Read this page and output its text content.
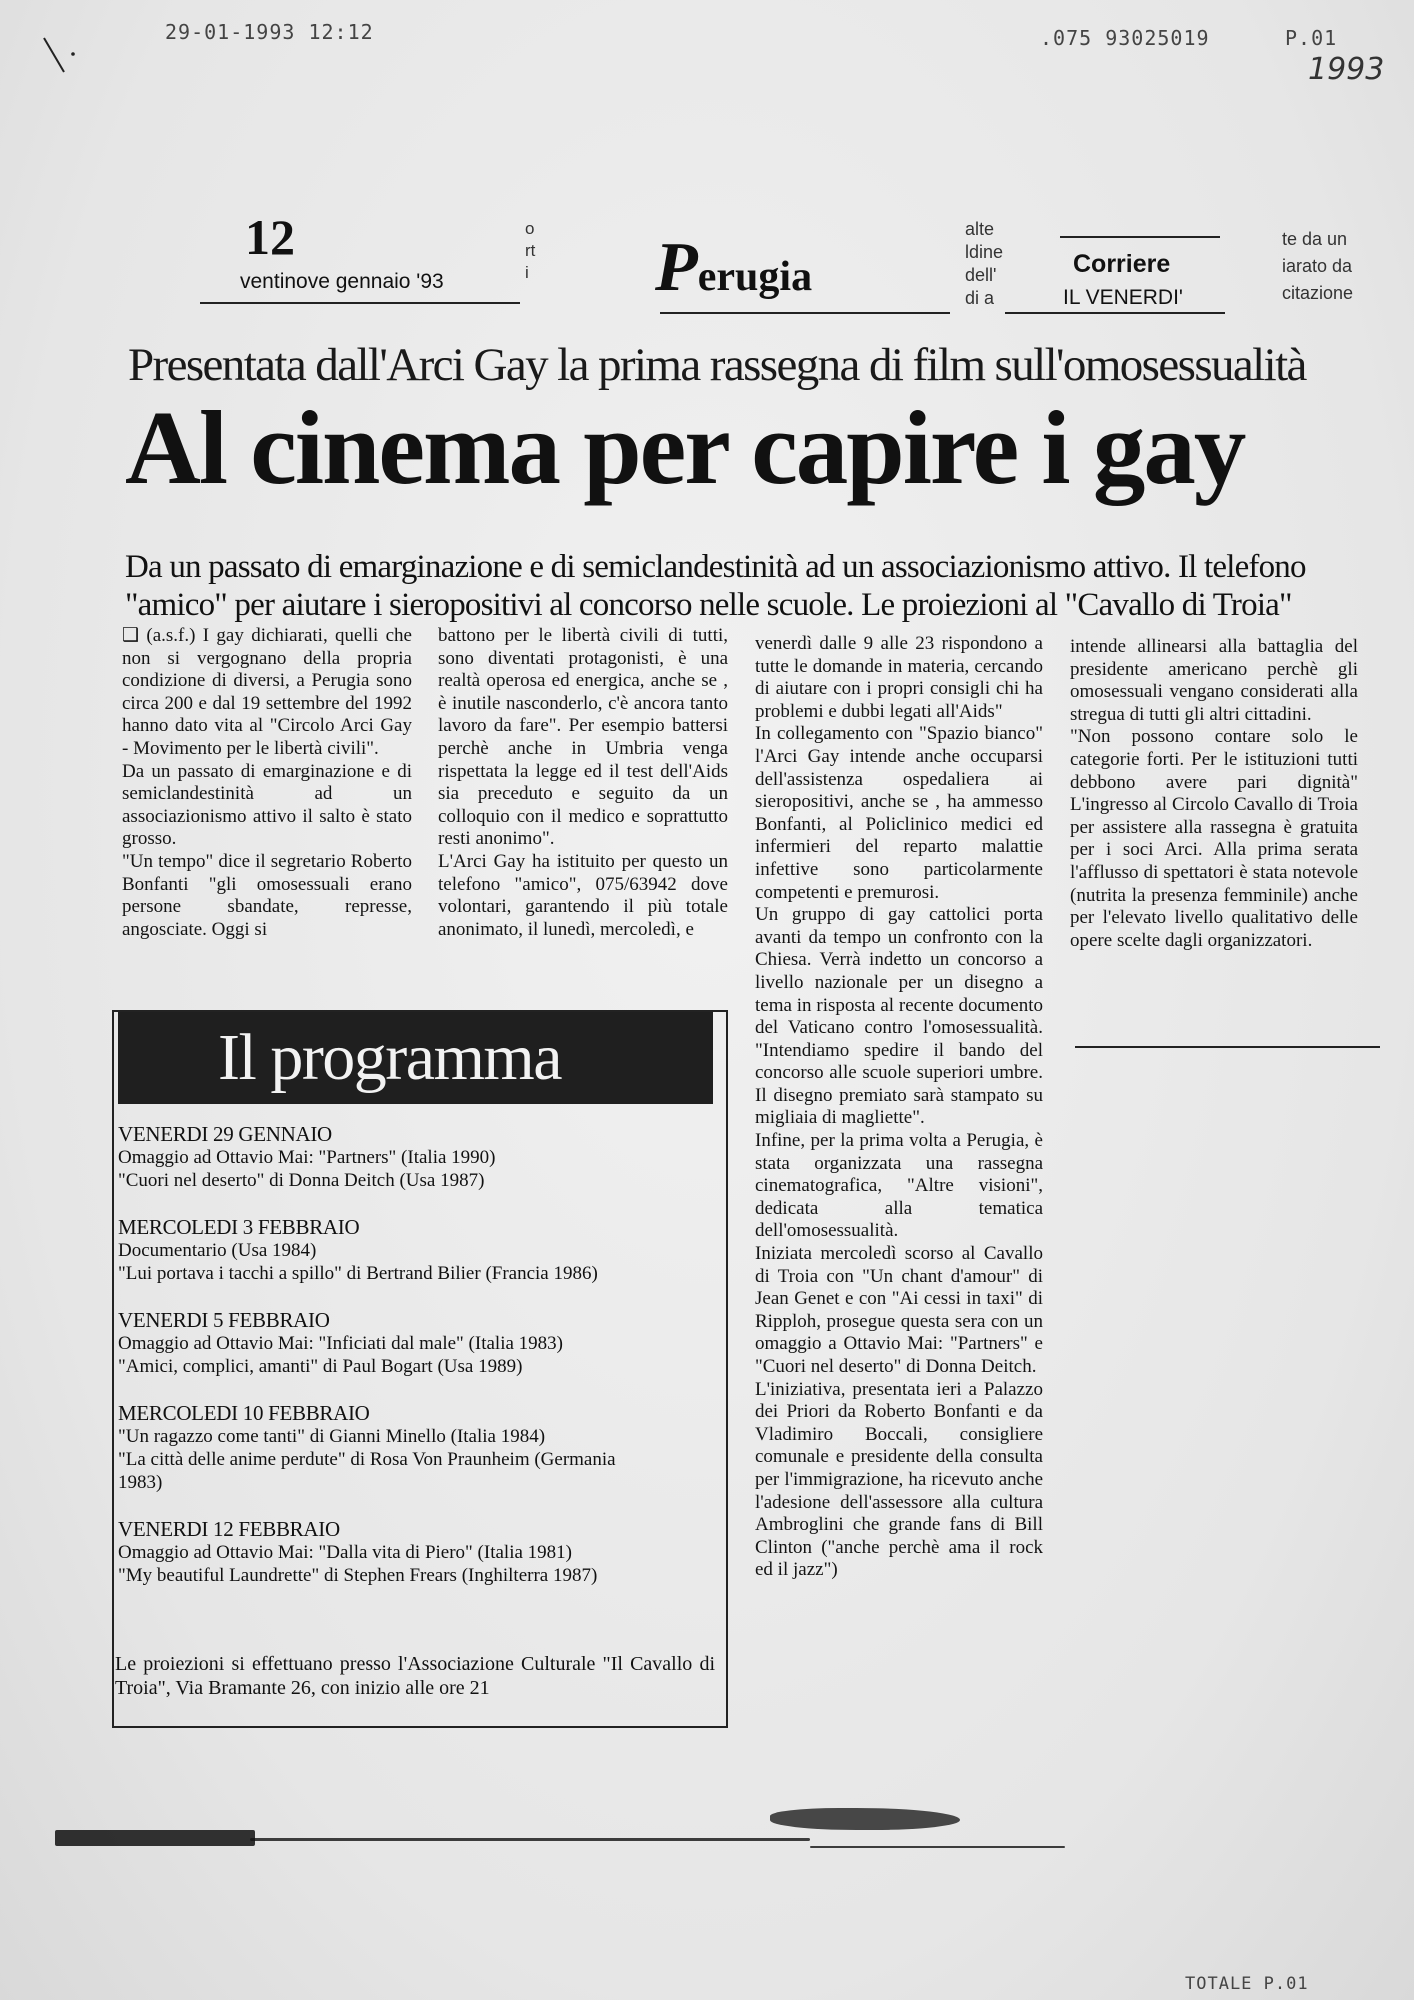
29-01-1993 12:12	.075 93025019	P.01
1993
12
ventinove gennaio '93
o
rt
i Perugia
alte
ldine
dell'
di a
Corriere
IL VENERDI'
te da un
iarato da
citazione
Presentata dall'Arci Gay la prima rassegna di film sull'omosessualità
Al cinema per capire i gay

Da un passato di emarginazione e di semiclandestinità ad un associazionismo attivo. Il telefono

"amico" per aiutare i sieropositivi al concorso nelle scuole. Le proiezioni al "Cavallo di Troia"

❑ (a.s.f.) I gay dichiarati, quelli che non si vergognano della propria condizione di diversi, a Perugia sono circa 200 e dal 19 settembre del 1992 hanno dato vita al "Circolo Arci Gay - Movimento per le libertà civili".

Da un passato di emarginazione e di semiclandestinità ad un associazionismo attivo il salto è stato grosso.

"Un tempo" dice il segretario Roberto Bonfanti "gli omosessuali erano persone sbandate, represse, angosciate. Oggi si

battono per le libertà civili di tutti, sono diventati protagonisti, è una realtà operosa ed energica, anche se , è inutile nasconderlo, c'è ancora tanto lavoro da fare". Per esempio battersi perchè anche in Umbria venga rispettata la legge ed il test dell'Aids sia preceduto e seguito da un colloquio con il medico e soprattutto resti anonimo".

L'Arci Gay ha istituito per questo un telefono "amico", 075/63942 dove volontari, garantendo il più totale anonimato, il lunedì, mercoledì, e

venerdì dalle 9 alle 23 rispondono a tutte le domande in materia, cercando di aiutare con i propri consigli chi ha problemi e dubbi legati all'Aids"

In collegamento con "Spazio bianco" l'Arci Gay intende anche occuparsi dell'assistenza ospedaliera ai sieropositivi, anche se , ha ammesso Bonfanti, al Policlinico medici ed infermieri del reparto malattie infettive sono particolarmente competenti e premurosi.

Un gruppo di gay cattolici porta avanti da tempo un confronto con la Chiesa. Verrà indetto un concorso a livello nazionale per un disegno a tema in risposta al recente documento del Vaticano contro l'omosessualità. "Intendiamo spedire il bando del concorso alle scuole superiori umbre. Il disegno premiato sarà stampato su migliaia di magliette".

Infine, per la prima volta a Perugia, è stata organizzata una rassegna cinematografica, "Altre visioni", dedicata alla tematica dell'omosessualità.

Iniziata mercoledì scorso al Cavallo di Troia con "Un chant d'amour" di Jean Genet e con "Ai cessi in taxi" di Ripploh, prosegue questa sera con un omaggio a Ottavio Mai: "Partners" e "Cuori nel deserto" di Donna Deitch.

L'iniziativa, presentata ieri a Palazzo dei Priori da Roberto Bonfanti e da Vladimiro Boccali, consigliere comunale e presidente della consulta per l'immigrazione, ha ricevuto anche l'adesione dell'assessore alla cultura Ambroglini che grande fans di Bill Clinton ("anche perchè ama il rock ed il jazz")

intende allinearsi alla battaglia del presidente americano perchè gli omosessuali vengano considerati alla stregua di tutti gli altri cittadini.

"Non possono contare solo le categorie forti. Per le istituzioni tutti debbono avere pari dignità" L'ingresso al Circolo Cavallo di Troia per assistere alla rassegna è gratuita per i soci Arci. Alla prima serata l'afflusso di spettatori è stata notevole (nutrita la presenza femminile) anche per l'elevato livello qualitativo delle opere scelte dagli organizzatori.

Il programma
VENERDI 29 GENNAIO
Omaggio ad Ottavio Mai: "Partners" (Italia 1990)
"Cuori nel deserto" di Donna Deitch (Usa 1987)
MERCOLEDI 3 FEBBRAIO
Documentario (Usa 1984)
"Lui portava i tacchi a spillo" di Bertrand Bilier (Francia 1986)
VENERDI 5 FEBBRAIO
Omaggio ad Ottavio Mai: "Inficiati dal male" (Italia 1983)
"Amici, complici, amanti" di Paul Bogart (Usa 1989)
MERCOLEDI 10 FEBBRAIO
"Un ragazzo come tanti" di Gianni Minello (Italia 1984)
"La città delle anime perdute" di Rosa Von Praunheim (Germania
1983)
VENERDI 12 FEBBRAIO
Omaggio ad Ottavio Mai: "Dalla vita di Piero" (Italia 1981)
"My beautiful Laundrette" di Stephen Frears (Inghilterra 1987)
Le proiezioni si effettuano presso l'Associazione Culturale "Il Cavallo di Troia", Via Bramante 26, con inizio alle ore 21
TOTALE P.01
